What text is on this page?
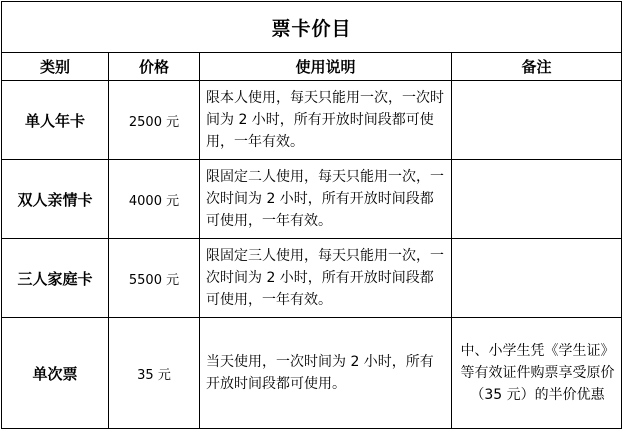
票卡价目			
类别	价格	使用说明	备注
单人年卡	2500 元	限本人使用，每天只能用一次，一次时间为 2 小时，所有开放时间段都可使用，一年有效。	
双人亲情卡	4000 元	限固定二人使用，每天只能用一次，一次时间为 2 小时，所有开放时间段都可使用，一年有效。	
三人家庭卡	5500 元	限固定三人使用，每天只能用一次，一次时间为 2 小时，所有开放时间段都可使用，一年有效。	
单次票	35 元	当天使用，一次时间为 2 小时，所有开放时间段都可使用。	中、小学生凭《学生证》等有效证件购票享受原价（35 元）的半价优惠
